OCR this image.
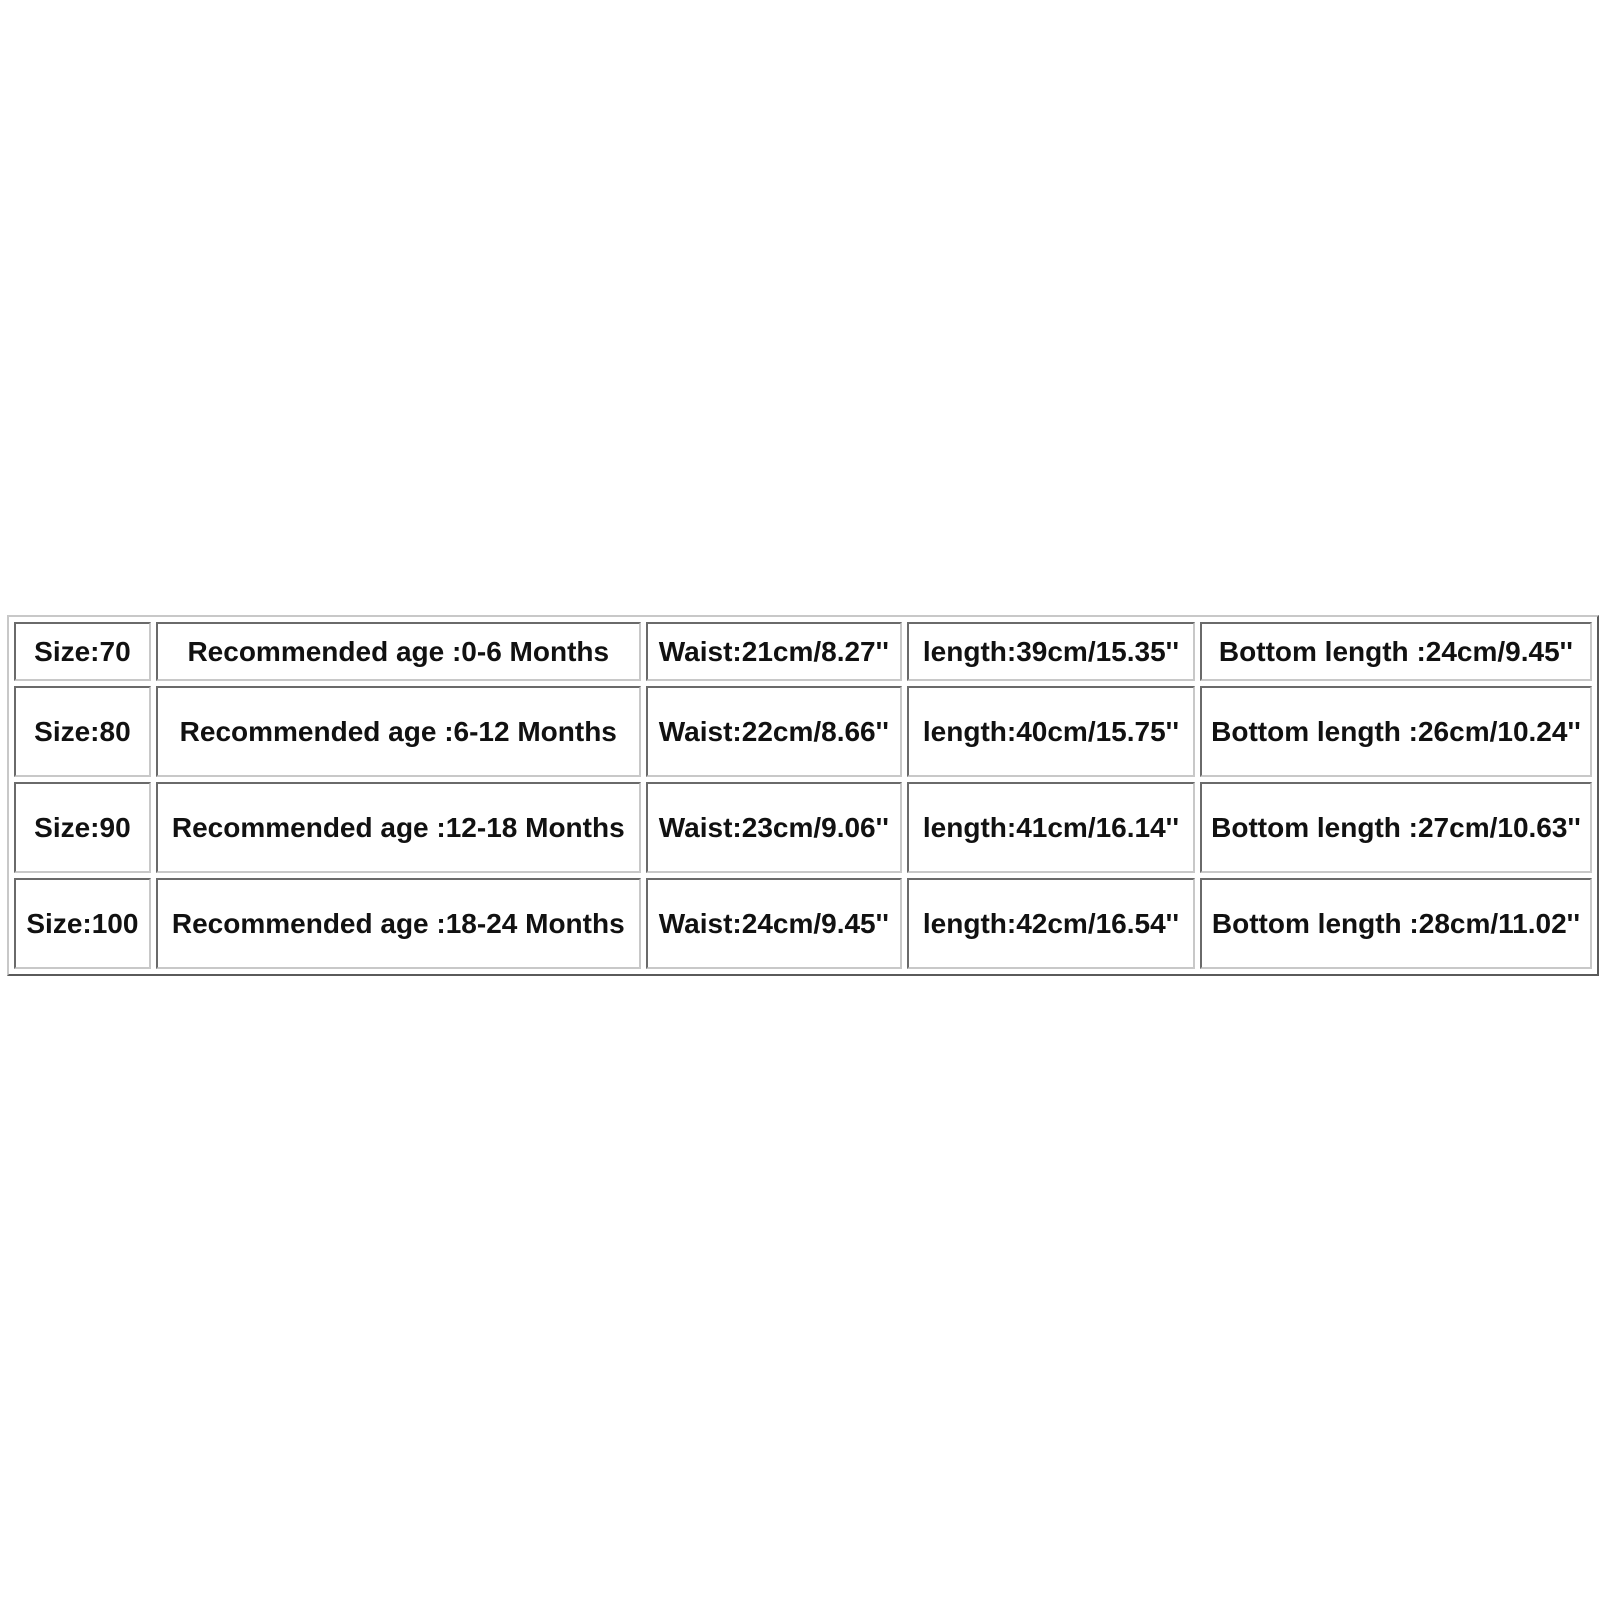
Size:70	Recommended age :0-6 Months	Waist:21cm/8.27''	length:39cm/15.35''	Bottom length :24cm/9.45''
Size:80	Recommended age :6-12 Months	Waist:22cm/8.66''	length:40cm/15.75''	Bottom length :26cm/10.24''
Size:90	Recommended age :12-18 Months	Waist:23cm/9.06''	length:41cm/16.14''	Bottom length :27cm/10.63''
Size:100	Recommended age :18-24 Months	Waist:24cm/9.45''	length:42cm/16.54''	Bottom length :28cm/11.02''
